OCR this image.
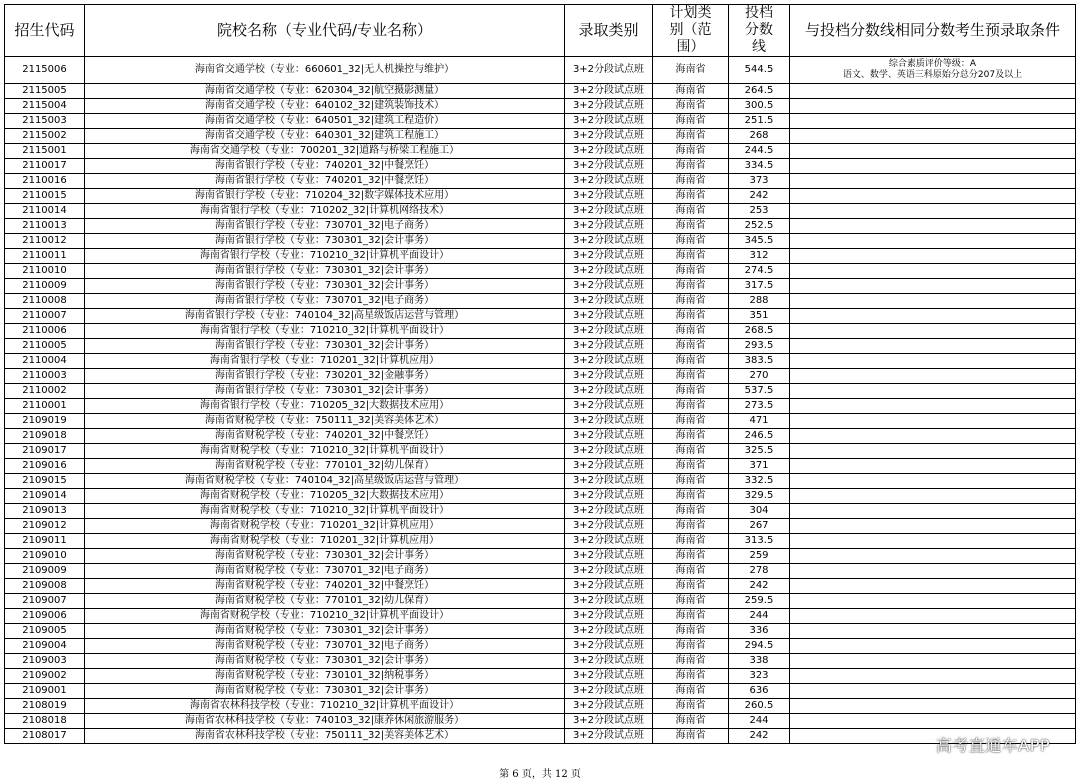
招生代码	院校名称（专业代码/专业名称）	录取类别	计划类别（范围）	投档分数线	与投档分数线相同分数考生预录取条件
2115006	海南省交通学校（专业：660601_32|无人机操控与维护）	3+2分段试点班	海南省	544.5	综合素质评价等级：A
语文、数学、英语三科原始分总分207及以上
2115005	海南省交通学校（专业：620304_32|航空摄影测量）	3+2分段试点班	海南省	264.5	
2115004	海南省交通学校（专业：640102_32|建筑装饰技术）	3+2分段试点班	海南省	300.5	
2115003	海南省交通学校（专业：640501_32|建筑工程造价）	3+2分段试点班	海南省	251.5	
2115002	海南省交通学校（专业：640301_32|建筑工程施工）	3+2分段试点班	海南省	268	
2115001	海南省交通学校（专业：700201_32|道路与桥梁工程施工）	3+2分段试点班	海南省	244.5	
2110017	海南省银行学校（专业：740201_32|中餐烹饪）	3+2分段试点班	海南省	334.5	
2110016	海南省银行学校（专业：740201_32|中餐烹饪）	3+2分段试点班	海南省	373	
2110015	海南省银行学校（专业：710204_32|数字媒体技术应用）	3+2分段试点班	海南省	242	
2110014	海南省银行学校（专业：710202_32|计算机网络技术）	3+2分段试点班	海南省	253	
2110013	海南省银行学校（专业：730701_32|电子商务）	3+2分段试点班	海南省	252.5	
2110012	海南省银行学校（专业：730301_32|会计事务）	3+2分段试点班	海南省	345.5	
2110011	海南省银行学校（专业：710210_32|计算机平面设计）	3+2分段试点班	海南省	312	
2110010	海南省银行学校（专业：730301_32|会计事务）	3+2分段试点班	海南省	274.5	
2110009	海南省银行学校（专业：730301_32|会计事务）	3+2分段试点班	海南省	317.5	
2110008	海南省银行学校（专业：730701_32|电子商务）	3+2分段试点班	海南省	288	
2110007	海南省银行学校（专业：740104_32|高星级饭店运营与管理）	3+2分段试点班	海南省	351	
2110006	海南省银行学校（专业：710210_32|计算机平面设计）	3+2分段试点班	海南省	268.5	
2110005	海南省银行学校（专业：730301_32|会计事务）	3+2分段试点班	海南省	293.5	
2110004	海南省银行学校（专业：710201_32|计算机应用）	3+2分段试点班	海南省	383.5	
2110003	海南省银行学校（专业：730201_32|金融事务）	3+2分段试点班	海南省	270	
2110002	海南省银行学校（专业：730301_32|会计事务）	3+2分段试点班	海南省	537.5	
2110001	海南省银行学校（专业：710205_32|大数据技术应用）	3+2分段试点班	海南省	273.5	
2109019	海南省财税学校（专业：750111_32|美容美体艺术）	3+2分段试点班	海南省	471	
2109018	海南省财税学校（专业：740201_32|中餐烹饪）	3+2分段试点班	海南省	246.5	
2109017	海南省财税学校（专业：710210_32|计算机平面设计）	3+2分段试点班	海南省	325.5	
2109016	海南省财税学校（专业：770101_32|幼儿保育）	3+2分段试点班	海南省	371	
2109015	海南省财税学校（专业：740104_32|高星级饭店运营与管理）	3+2分段试点班	海南省	332.5	
2109014	海南省财税学校（专业：710205_32|大数据技术应用）	3+2分段试点班	海南省	329.5	
2109013	海南省财税学校（专业：710210_32|计算机平面设计）	3+2分段试点班	海南省	304	
2109012	海南省财税学校（专业：710201_32|计算机应用）	3+2分段试点班	海南省	267	
2109011	海南省财税学校（专业：710201_32|计算机应用）	3+2分段试点班	海南省	313.5	
2109010	海南省财税学校（专业：730301_32|会计事务）	3+2分段试点班	海南省	259	
2109009	海南省财税学校（专业：730701_32|电子商务）	3+2分段试点班	海南省	278	
2109008	海南省财税学校（专业：740201_32|中餐烹饪）	3+2分段试点班	海南省	242	
2109007	海南省财税学校（专业：770101_32|幼儿保育）	3+2分段试点班	海南省	259.5	
2109006	海南省财税学校（专业：710210_32|计算机平面设计）	3+2分段试点班	海南省	244	
2109005	海南省财税学校（专业：730301_32|会计事务）	3+2分段试点班	海南省	336	
2109004	海南省财税学校（专业：730701_32|电子商务）	3+2分段试点班	海南省	294.5	
2109003	海南省财税学校（专业：730301_32|会计事务）	3+2分段试点班	海南省	338	
2109002	海南省财税学校（专业：730101_32|纳税事务）	3+2分段试点班	海南省	323	
2109001	海南省财税学校（专业：730301_32|会计事务）	3+2分段试点班	海南省	636	
2108019	海南省农林科技学校（专业：710210_32|计算机平面设计）	3+2分段试点班	海南省	260.5	
2108018	海南省农林科技学校（专业：740103_32|康养休闲旅游服务）	3+2分段试点班	海南省	244	
2108017	海南省农林科技学校（专业：750111_32|美容美体艺术）	3+2分段试点班	海南省	242	
第 6 页，共 12 页
高考直通车APP
